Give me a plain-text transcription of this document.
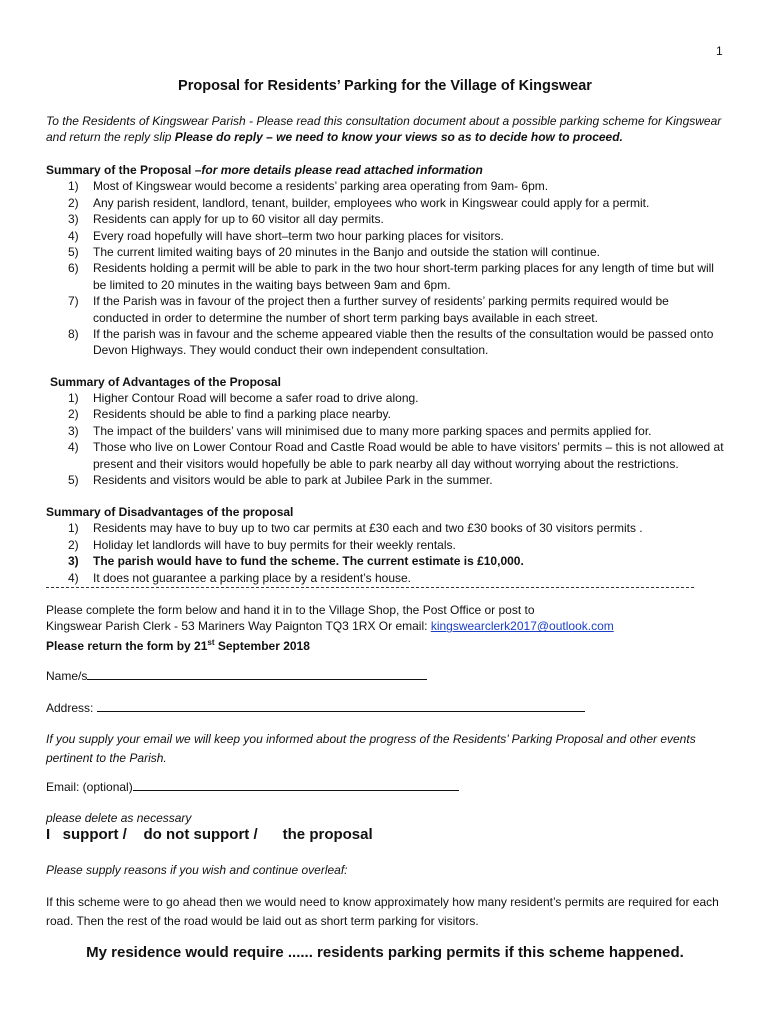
1
Proposal for Residents’ Parking for the Village of Kingswear
To the Residents of Kingswear Parish - Please read this consultation document about a possible parking scheme for Kingswear and return the reply slip Please do reply – we need to know your views so as to decide how to proceed.
Summary of the Proposal –for more details please read attached information
1) Most of Kingswear would become a residents’ parking area operating from 9am- 6pm.
2) Any parish resident, landlord, tenant, builder, employees who work in Kingswear could apply for a permit.
3) Residents can apply for up to 60 visitor all day permits.
4) Every road hopefully will have short–term two hour parking places for visitors.
5) The current limited waiting bays of 20 minutes in the Banjo and outside the station will continue.
6) Residents holding a permit will be able to park in the two hour short-term parking places for any length of time but will be limited to 20 minutes in the waiting bays between 9am and 6pm.
7) If the Parish was in favour of the project then a further survey of residents’ parking permits required would be conducted in order to determine the number of short term parking bays available in each street.
8) If the parish was in favour and the scheme appeared viable then the results of the consultation would be passed onto Devon Highways. They would conduct their own independent consultation.
Summary of Advantages of the Proposal
1) Higher Contour Road will become a safer road to drive along.
2) Residents should be able to find a parking place nearby.
3) The impact of the builders’ vans will minimised due to many more parking spaces and permits applied for.
4) Those who live on Lower Contour Road and Castle Road would be able to have visitors’ permits – this is not allowed at present and their visitors would hopefully be able to park nearby all day without worrying about the restrictions.
5) Residents and visitors would be able to park at Jubilee Park in the summer.
Summary of Disadvantages of the proposal
1) Residents may have to buy up to two car permits at £30 each and two £30 books of 30 visitors permits .
2) Holiday let landlords will have to buy permits for their weekly rentals.
3) The parish would have to fund the scheme. The current estimate is £10,000.
4) It does not guarantee a parking place by a resident’s house.
Please complete the form below and hand it in to the Village Shop, the Post Office or post to
Kingswear Parish Clerk - 53 Mariners Way Paignton TQ3 1RX Or email: kingswearclerk2017@outlook.com
Please return the form by 21st September 2018
Name/s
Address:
If you supply your email we will keep you informed about the progress of the Residents’ Parking Proposal and other events pertinent to the Parish.
Email: (optional)
please delete as necessary
I   support /    do not support /      the proposal
Please supply reasons if you wish and continue overleaf:
If this scheme were to go ahead then we would need to know approximately how many resident’s permits are required for each road. Then the rest of the road would be laid out as short term parking for visitors.
My residence would require ...... residents parking permits if this scheme happened.
